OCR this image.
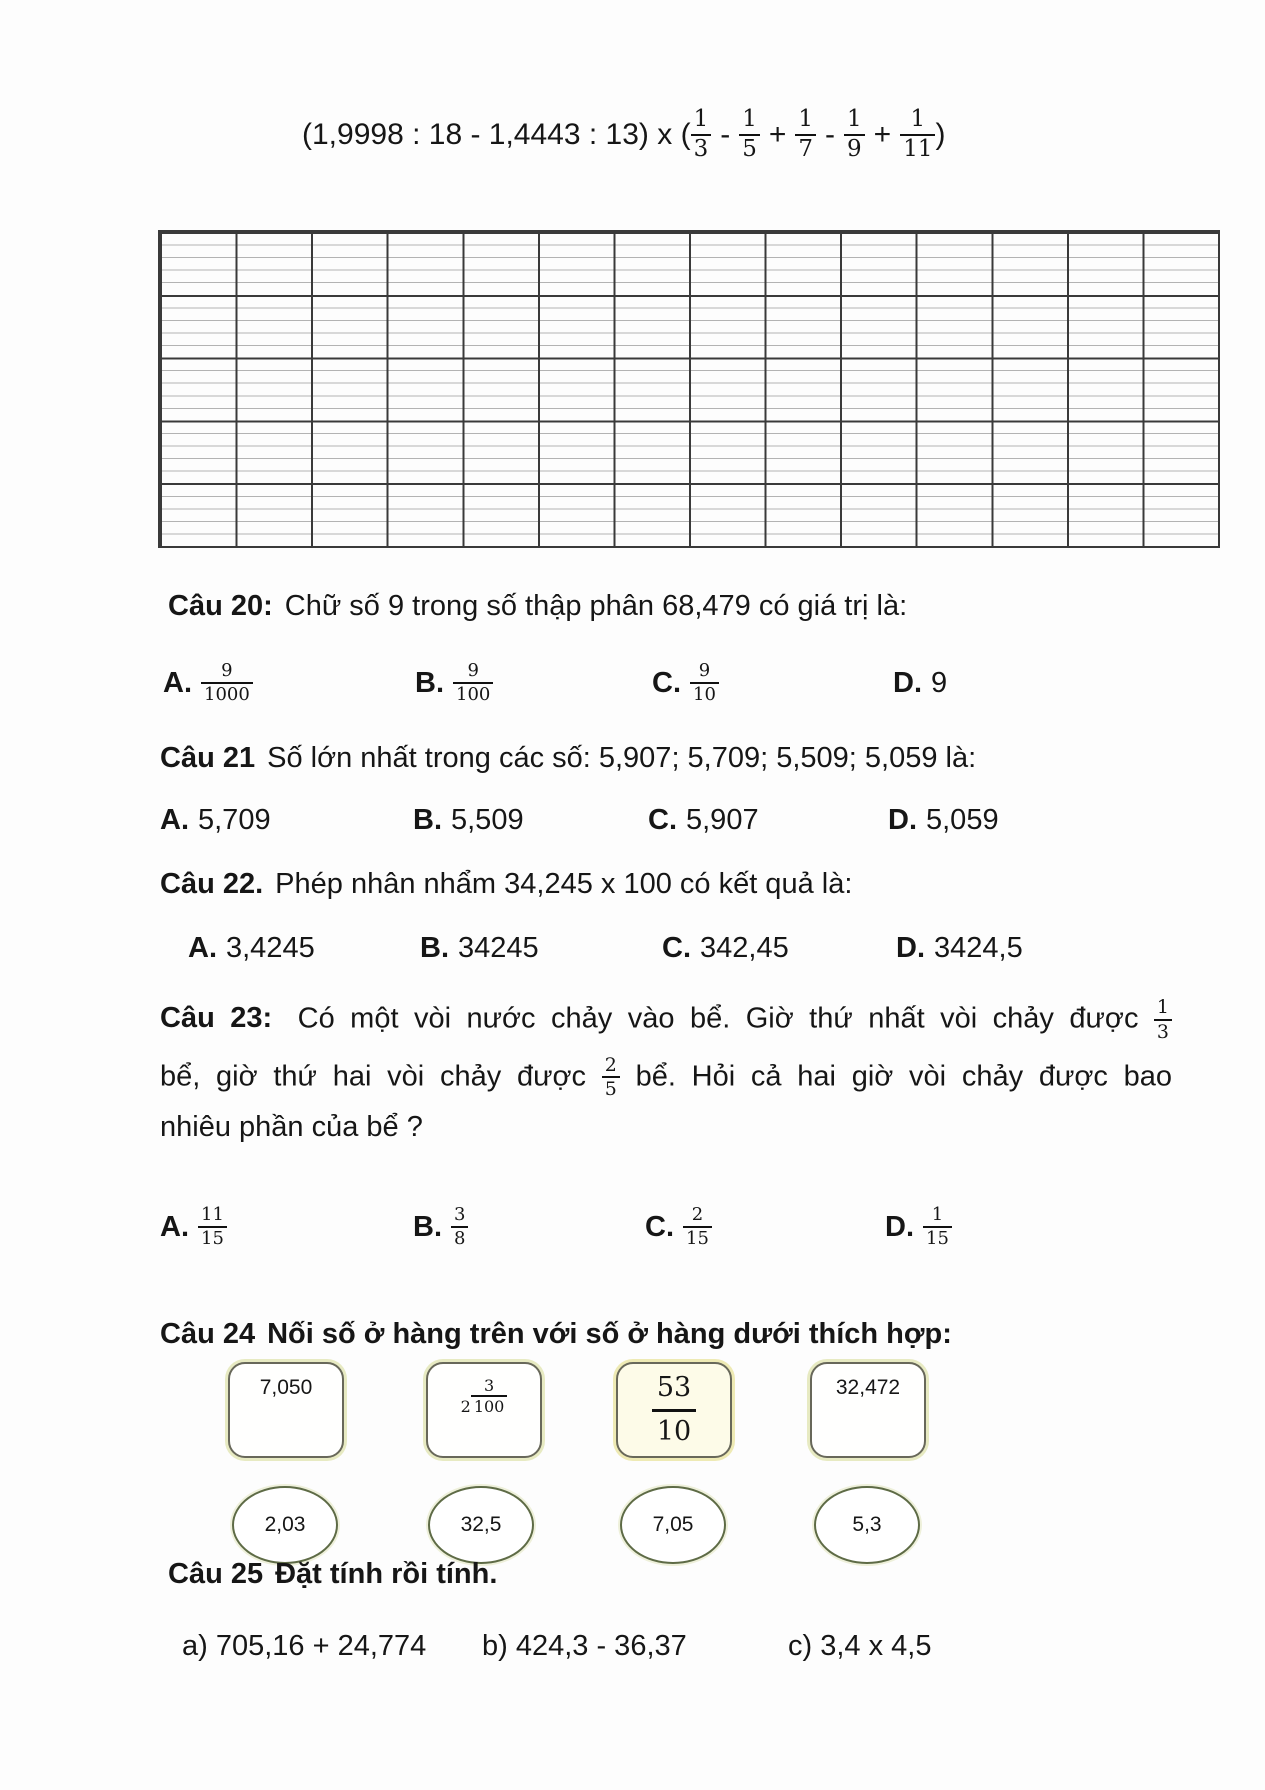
(1,9998 : 18 - 1,4443 : 13) x ( $\frac{1}{3} - \frac{1}{5} + \frac{1}{7} - \frac{1}{9} + \frac{1}{11}$ )
Câu 20: Chữ số 9 trong số thập phân 68,479 có giá trị là:
A. $\frac{9}{1000}$	B. $\frac{9}{100}$	C. $\frac{9}{10}$	D. 9
Câu 21 Số lớn nhất trong các số: 5,907; 5,709; 5,509; 5,059 là:
A. 5,709	B. 5,509	C. 5,907	D. 5,059
Câu 22. Phép nhân nhẩm 34,245 x 100 có kết quả là:
A. 3,4245	B. 34245	C. 342,45	D. 3424,5
Câu 23: Có một vòi nước chảy vào bể. Giờ thứ nhất vòi chảy được $\frac{1}{3}$
bể, giờ thứ hai vòi chảy được $\frac{2}{5}$ bể. Hỏi cả hai giờ vòi chảy được bao
nhiêu phần của bể ?
A. $\frac{11}{15}$	B. $\frac{3}{8}$	C. $\frac{2}{15}$	D. $\frac{1}{15}$
Câu 24 Nối số ở hàng trên với số ở hàng dưới thích hợp:
7,050
$2 \frac{3}{100}$	$\frac{53}{10}$	32,472
2,03	32,5	7,05	5,3
Câu 25 Đặt tính rồi tính.
a) 705,16 + 24,774 b) 424,3 - 36,37	c) 3,4 x 4,5
